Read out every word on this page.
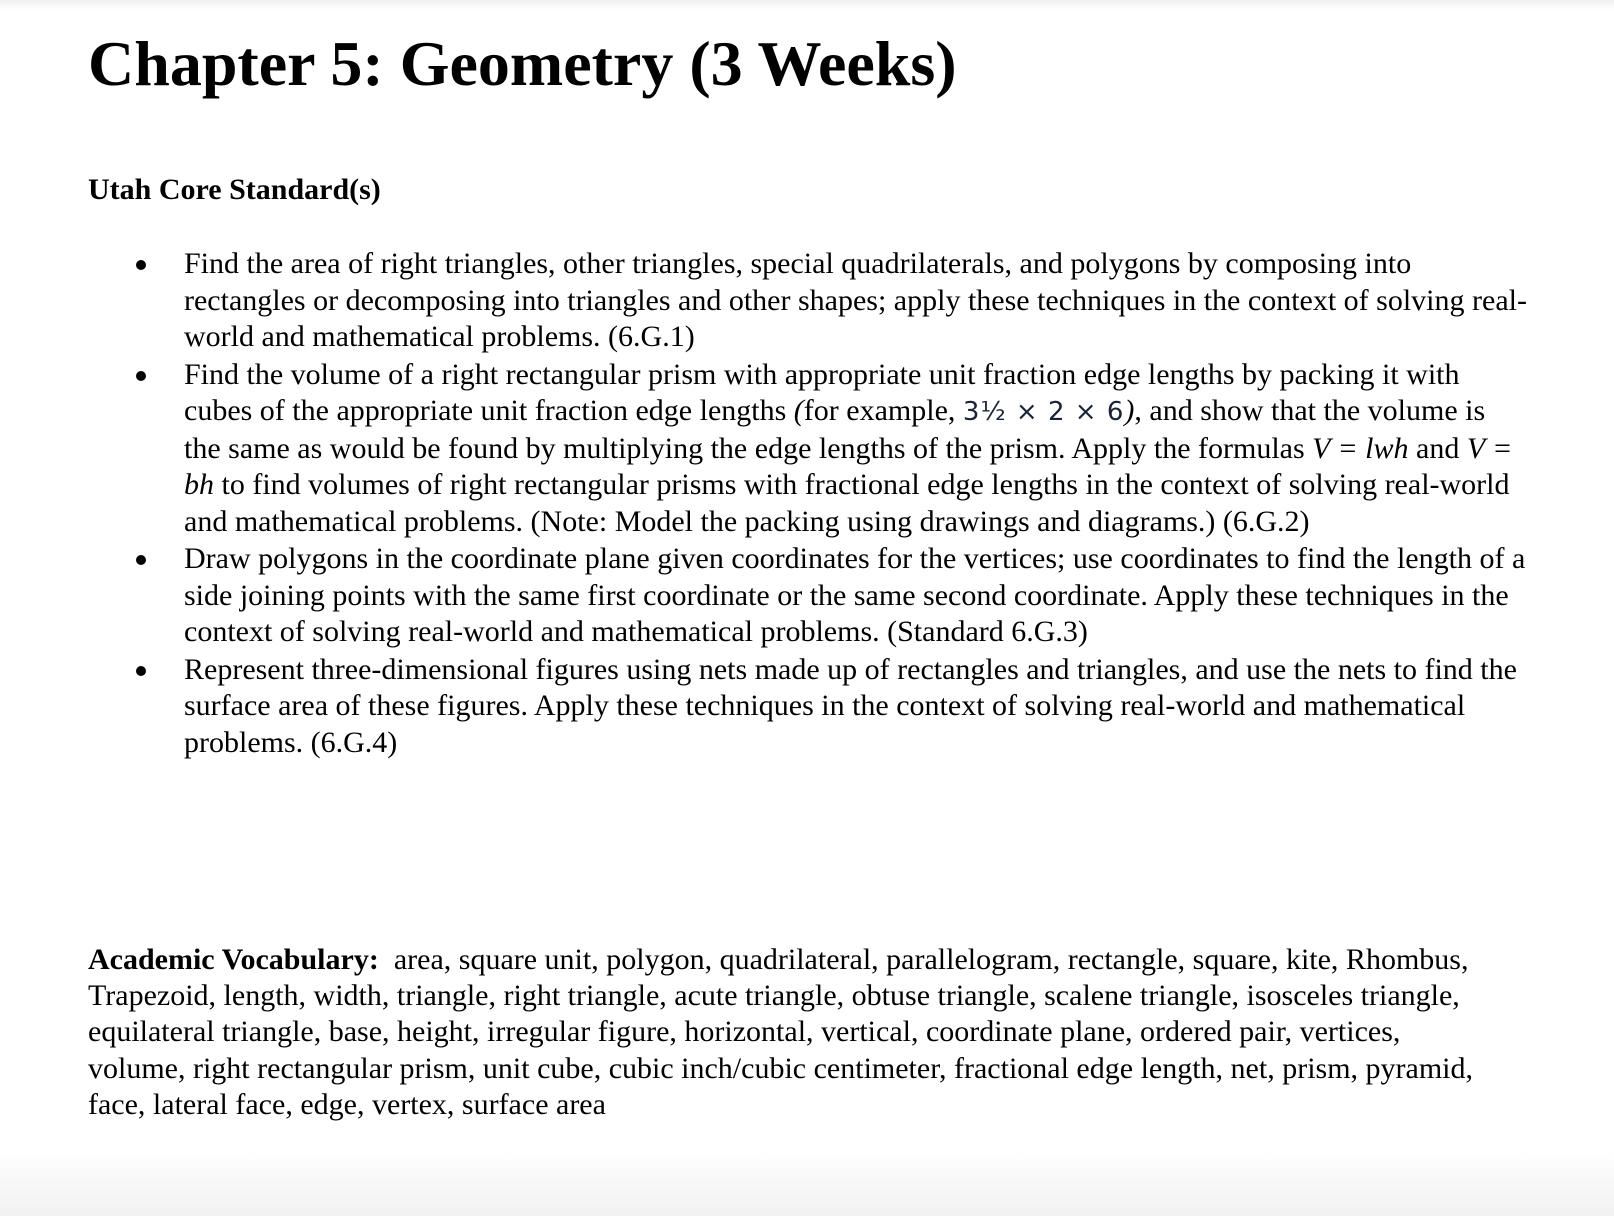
Chapter 5: Geometry (3 Weeks)
Utah Core Standard(s)
Find the area of right triangles, other triangles, special quadrilaterals, and polygons by composing into rectangles or decomposing into triangles and other shapes; apply these techniques in the context of solving real-world and mathematical problems. (6.G.1)
Find the volume of a right rectangular prism with appropriate unit fraction edge lengths by packing it with cubes of the appropriate unit fraction edge lengths (for example, 3½ × 2 × 6), and show that the volume is the same as would be found by multiplying the edge lengths of the prism. Apply the formulas V = lwh and V = bh to find volumes of right rectangular prisms with fractional edge lengths in the context of solving real-world and mathematical problems. (Note: Model the packing using drawings and diagrams.) (6.G.2)
Draw polygons in the coordinate plane given coordinates for the vertices; use coordinates to find the length of a side joining points with the same first coordinate or the same second coordinate. Apply these techniques in the context of solving real-world and mathematical problems. (Standard 6.G.3)
Represent three-dimensional figures using nets made up of rectangles and triangles, and use the nets to find the surface area of these figures. Apply these techniques in the context of solving real-world and mathematical problems. (6.G.4)

Academic Vocabulary: area, square unit, polygon, quadrilateral, parallelogram, rectangle, square, kite, Rhombus, Trapezoid, length, width, triangle, right triangle, acute triangle, obtuse triangle, scalene triangle, isosceles triangle, equilateral triangle, base, height, irregular figure, horizontal, vertical, coordinate plane, ordered pair, vertices, volume, right rectangular prism, unit cube, cubic inch/cubic centimeter, fractional edge length, net, prism, pyramid, face, lateral face, edge, vertex, surface area
